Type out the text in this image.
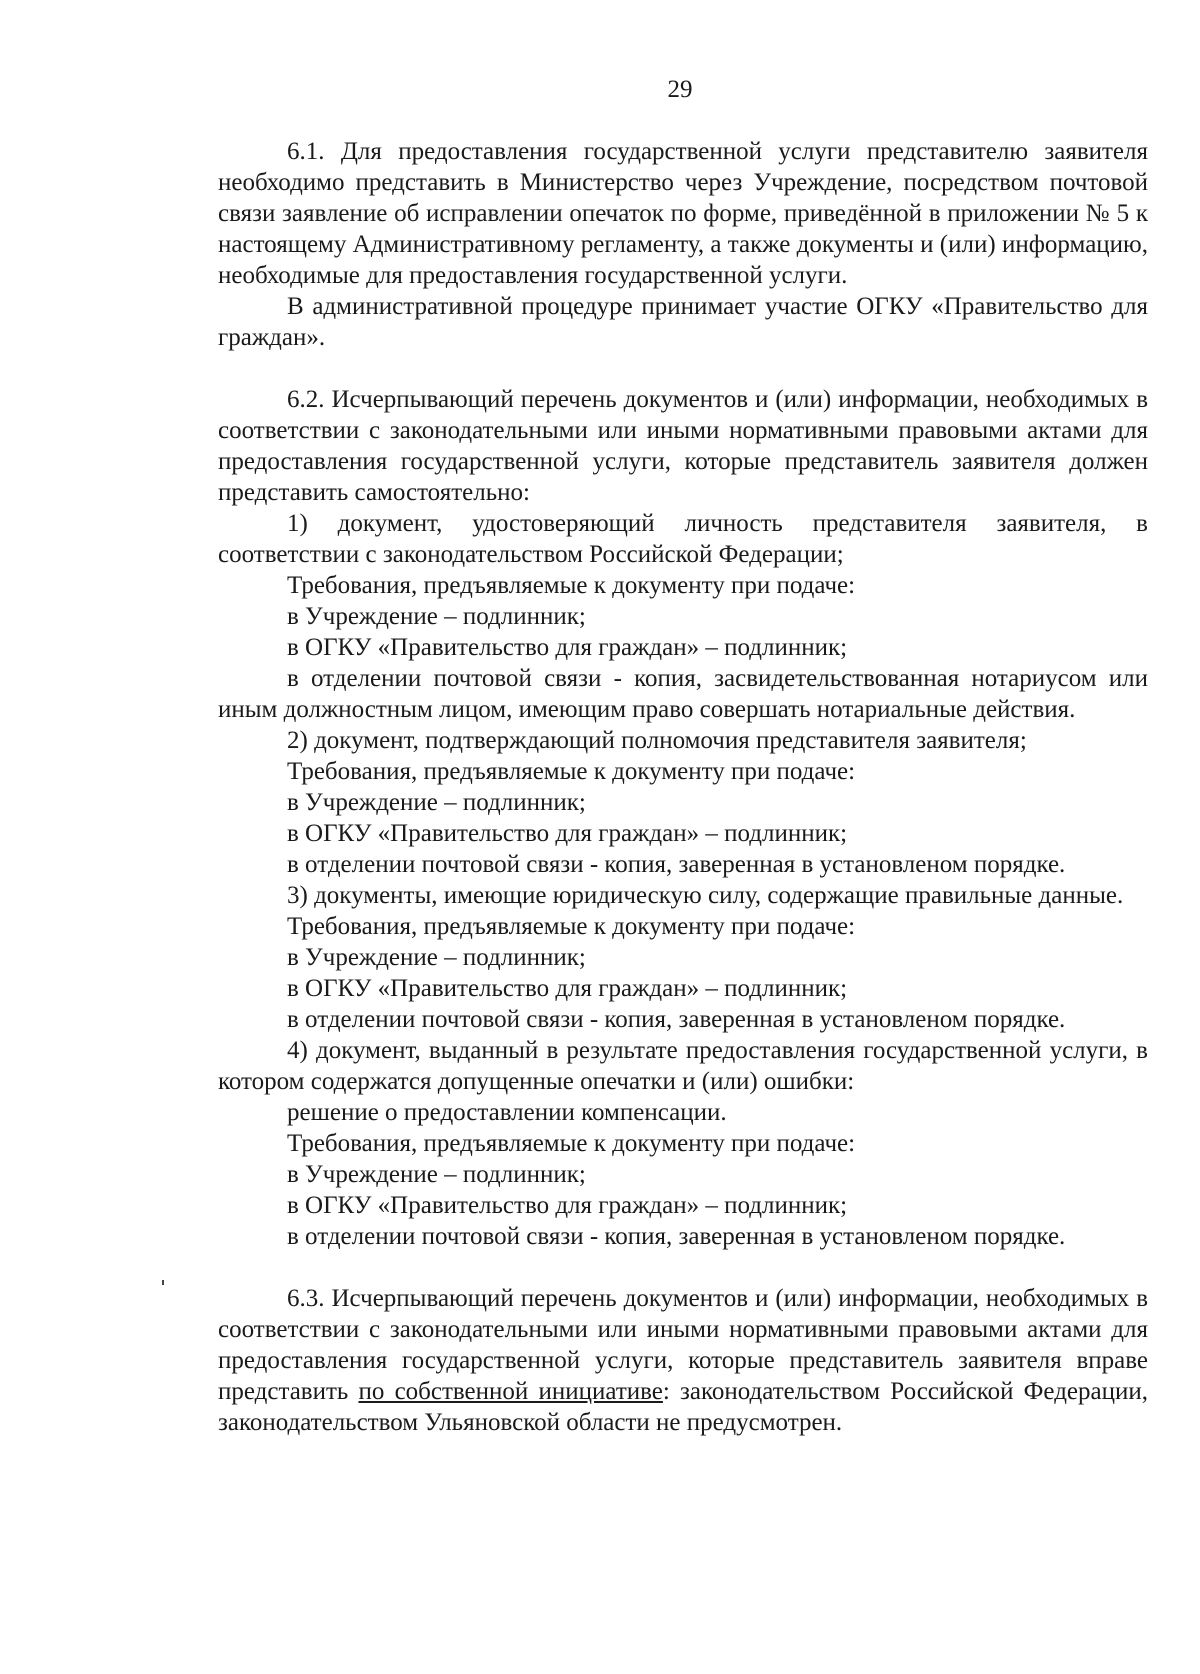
29

6.1. Для предоставления государственной услуги представителю заявителя необходимо представить в Министерство через Учреждение, посредством почтовой связи заявление об исправлении опечаток по форме, приведённой в приложении № 5 к настоящему Административному регламенту, а также документы и (или) информацию, необходимые для предоставления государственной услуги.

В административной процедуре принимает участие ОГКУ «Правительство для граждан».

6.2. Исчерпывающий перечень документов и (или) информации, необходимых в соответствии с законодательными или иными нормативными правовыми актами для предоставления государственной услуги, которые представитель заявителя должен представить самостоятельно:

1) документ, удостоверяющий личность представителя заявителя, в соответствии с законодательством Российской Федерации;

Требования, предъявляемые к документу при подаче:

в Учреждение – подлинник;

в ОГКУ «Правительство для граждан» – подлинник;

в отделении почтовой связи - копия, засвидетельствованная нотариусом или иным должностным лицом, имеющим право совершать нотариальные действия.

2) документ, подтверждающий полномочия представителя заявителя;

Требования, предъявляемые к документу при подаче:

в Учреждение – подлинник;

в ОГКУ «Правительство для граждан» – подлинник;

в отделении почтовой связи - копия, заверенная в установленом порядке.

3) документы, имеющие юридическую силу, содержащие правильные данные.

Требования, предъявляемые к документу при подаче:

в Учреждение – подлинник;

в ОГКУ «Правительство для граждан» – подлинник;

в отделении почтовой связи - копия, заверенная в установленом порядке.

4) документ, выданный в результате предоставления государственной услуги, в котором содержатся допущенные опечатки и (или) ошибки:

решение о предоставлении компенсации.

Требования, предъявляемые к документу при подаче:

в Учреждение – подлинник;

в ОГКУ «Правительство для граждан» – подлинник;

в отделении почтовой связи - копия, заверенная в установленом порядке.

6.3. Исчерпывающий перечень документов и (или) информации, необходимых в соответствии с законодательными или иными нормативными правовыми актами для предоставления государственной услуги, которые представитель заявителя вправе представить по собственной инициативе: законодательством Российской Федерации, законодательством Ульяновской области не предусмотрен.
